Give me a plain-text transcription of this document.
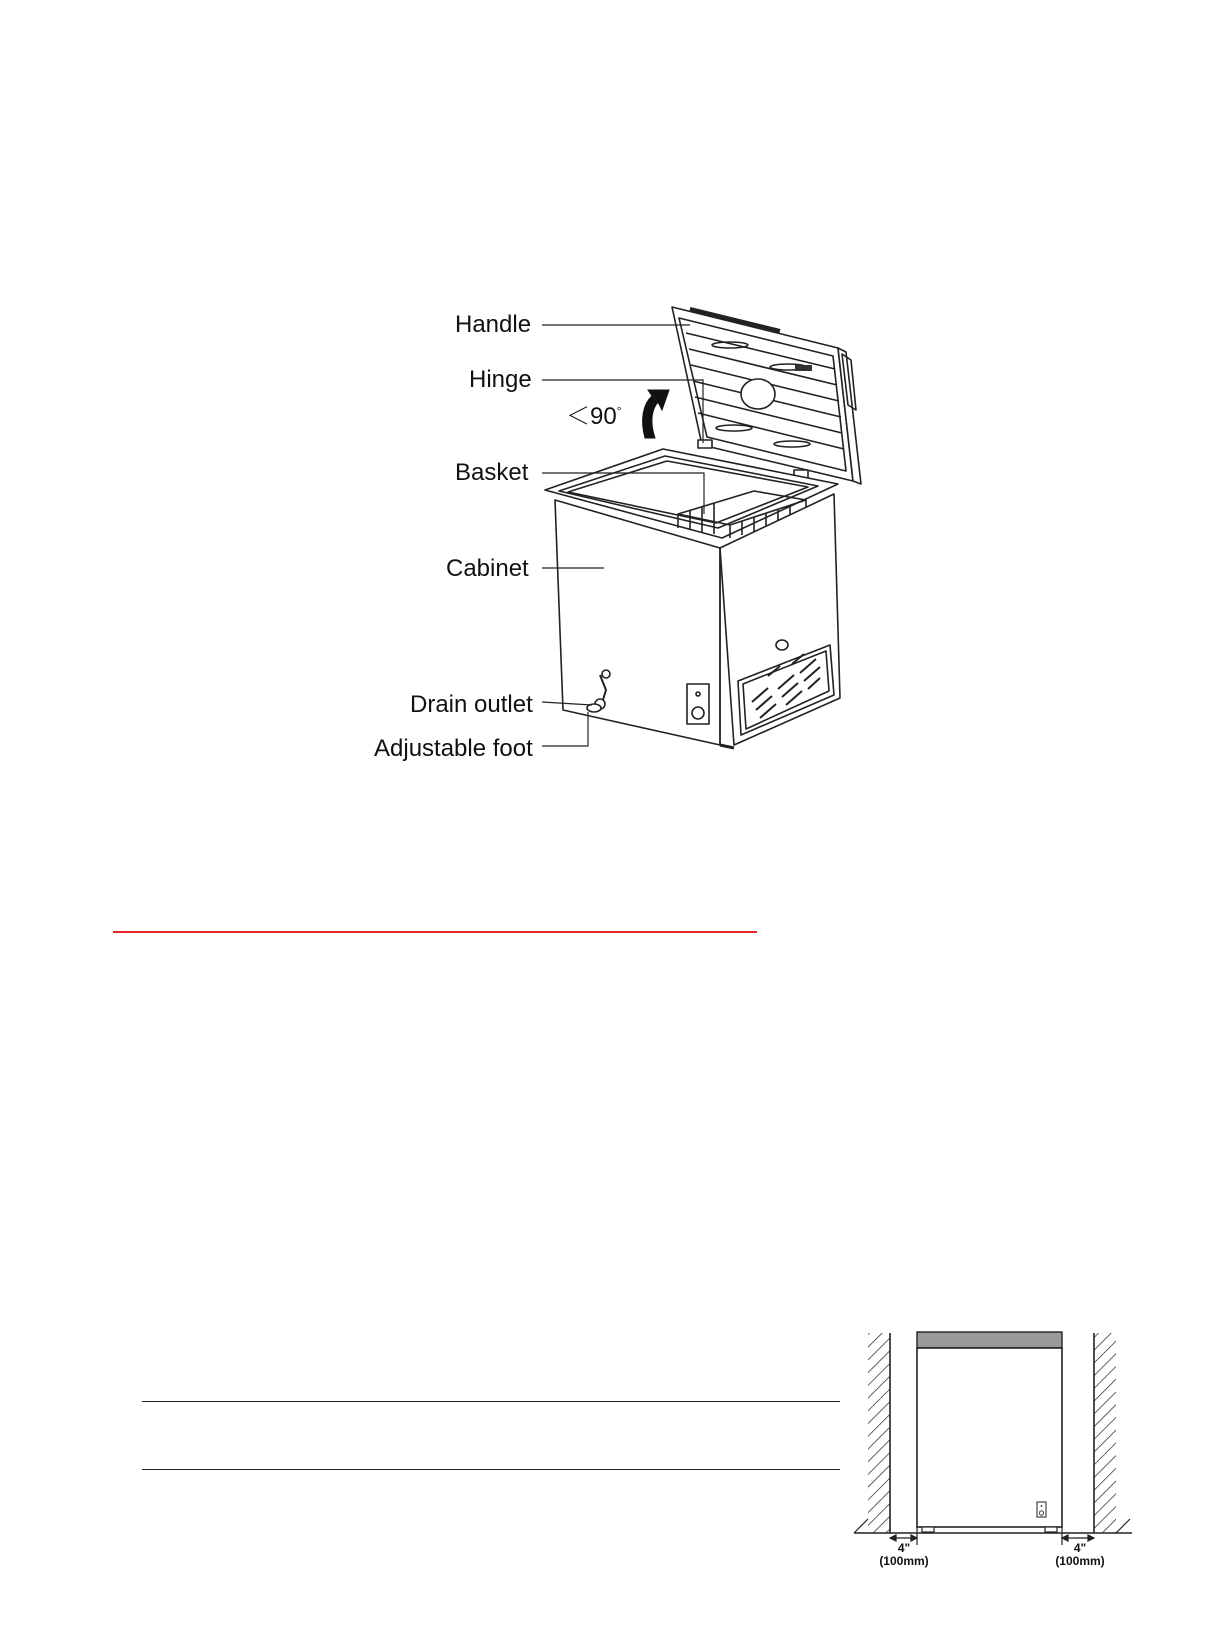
Handle
Hinge
Basket
Cabinet
Drain outlet
Adjustable foot
＜90°
4"
(100mm)
4"
(100mm)
